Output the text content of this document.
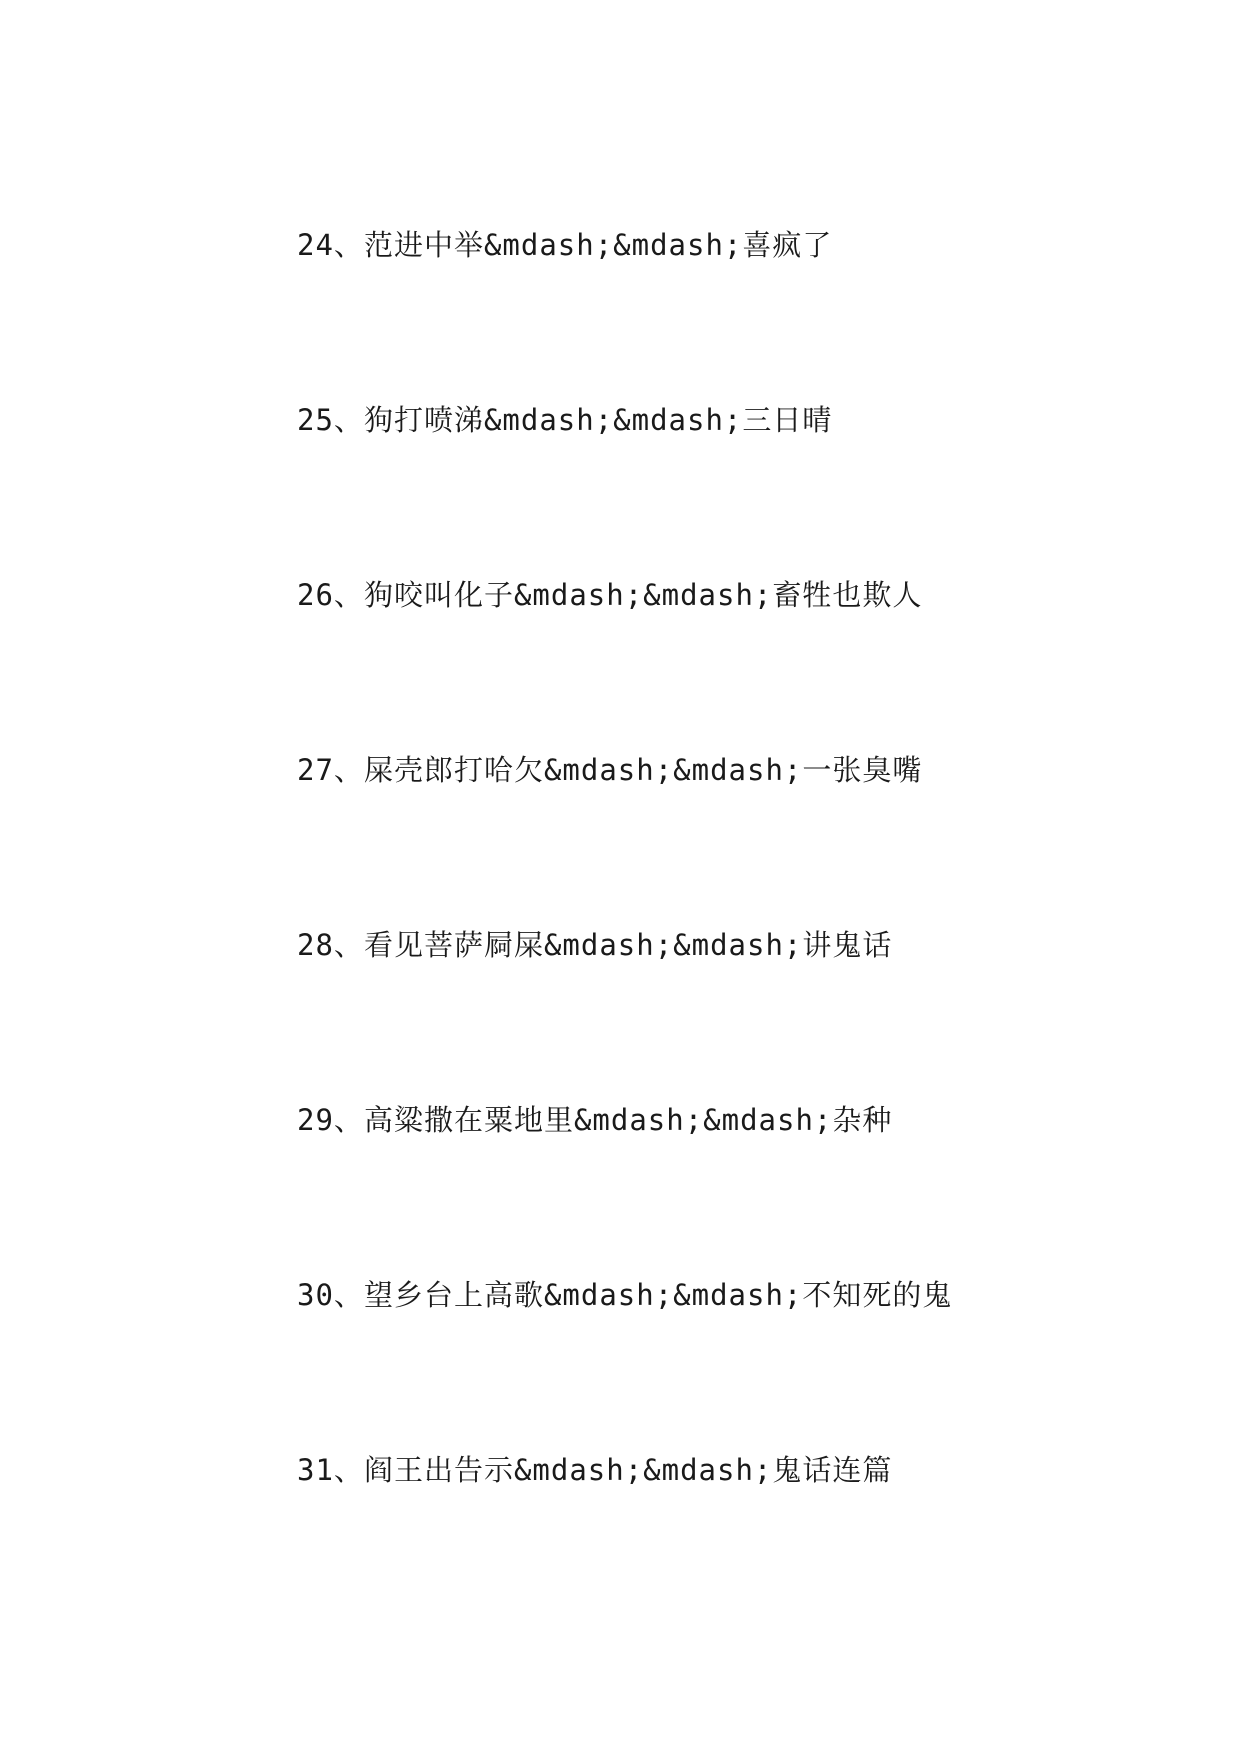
24、范进中举&mdash;&mdash;喜疯了

25、狗打喷涕&mdash;&mdash;三日晴

26、狗咬叫化子&mdash;&mdash;畜牲也欺人

27、屎壳郎打哈欠&mdash;&mdash;一张臭嘴

28、看见菩萨屙屎&mdash;&mdash;讲鬼话

29、高粱撒在粟地里&mdash;&mdash;杂种

30、望乡台上高歌&mdash;&mdash;不知死的鬼

31、阎王出告示&mdash;&mdash;鬼话连篇
